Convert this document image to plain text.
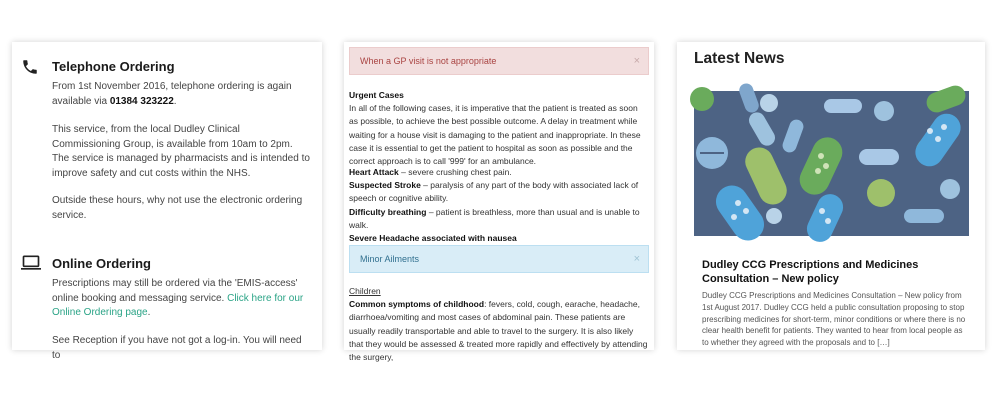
Telephone Ordering
From 1st November 2016, telephone ordering is again available via 01384 323222.
This service, from the local Dudley Clinical Commissioning Group, is available from 10am to 2pm. The service is managed by pharmacists and is intended to improve safety and cut costs within the NHS.
Outside these hours, why not use the electronic ordering service.
Online Ordering
Prescriptions may still be ordered via the 'EMIS-access' online booking and messaging service. Click here for our Online Ordering page.
See Reception if you have not got a log-in. You will need to
When a GP visit is not appropriate	×
Urgent Cases
In all of the following cases, it is imperative that the patient is treated as soon as possible, to achieve the best possible outcome. A delay in treatment while waiting for a house visit is damaging to the patient and inappropriate. In these case it is essential to get the patient to hospital as soon as possible and the correct approach is to call '999' for an ambulance.
Heart Attack – severe crushing chest pain.
Suspected Stroke – paralysis of any part of the body with associated lack of speech or cognitive ability.
Difficulty breathing – patient is breathless, more than usual and is unable to walk.
Severe Headache associated with nausea
Minor Ailments	×
Children
Common symptoms of childhood: fevers, cold, cough, earache, headache, diarrhoea/vomiting and most cases of abdominal pain. These patients are usually readily transportable and able to travel to the surgery. It is also likely that they would be assessed & treated more rapidly and effectively by attending the surgery,
Latest News
Dudley CCG Prescriptions and Medicines Consultation – New policy
Dudley CCG Prescriptions and Medicines Consultation – New policy from 1st August 2017. Dudley CCG held a public consultation proposing to stop prescribing medicines for short-term, minor conditions or where there is no clear health benefit for patients. They wanted to hear from local people as to whether they agreed with the proposals and to […]
